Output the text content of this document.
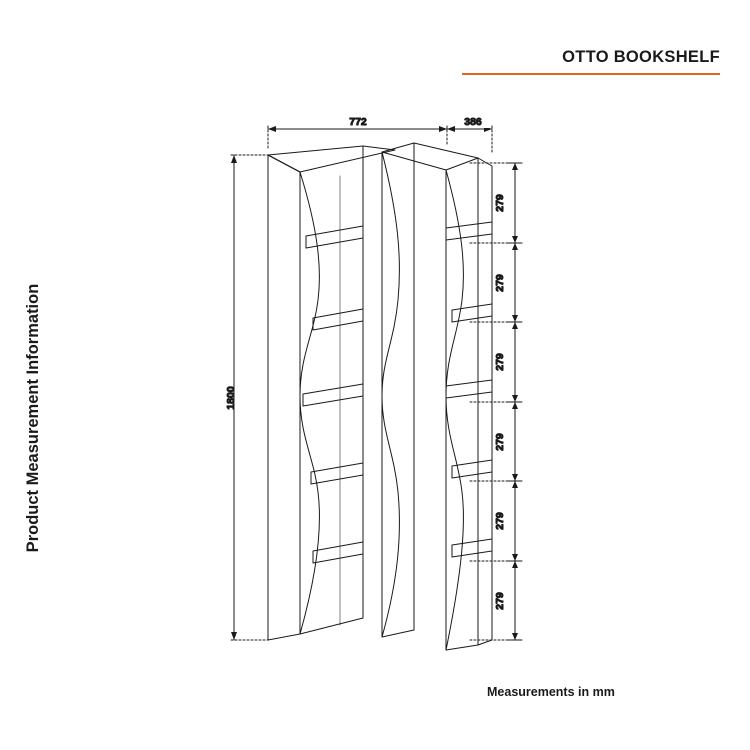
OTTO BOOKSHELF
Product Measurement Information
Measurements in mm
772	386
1800
279
279
279
279
279
279
